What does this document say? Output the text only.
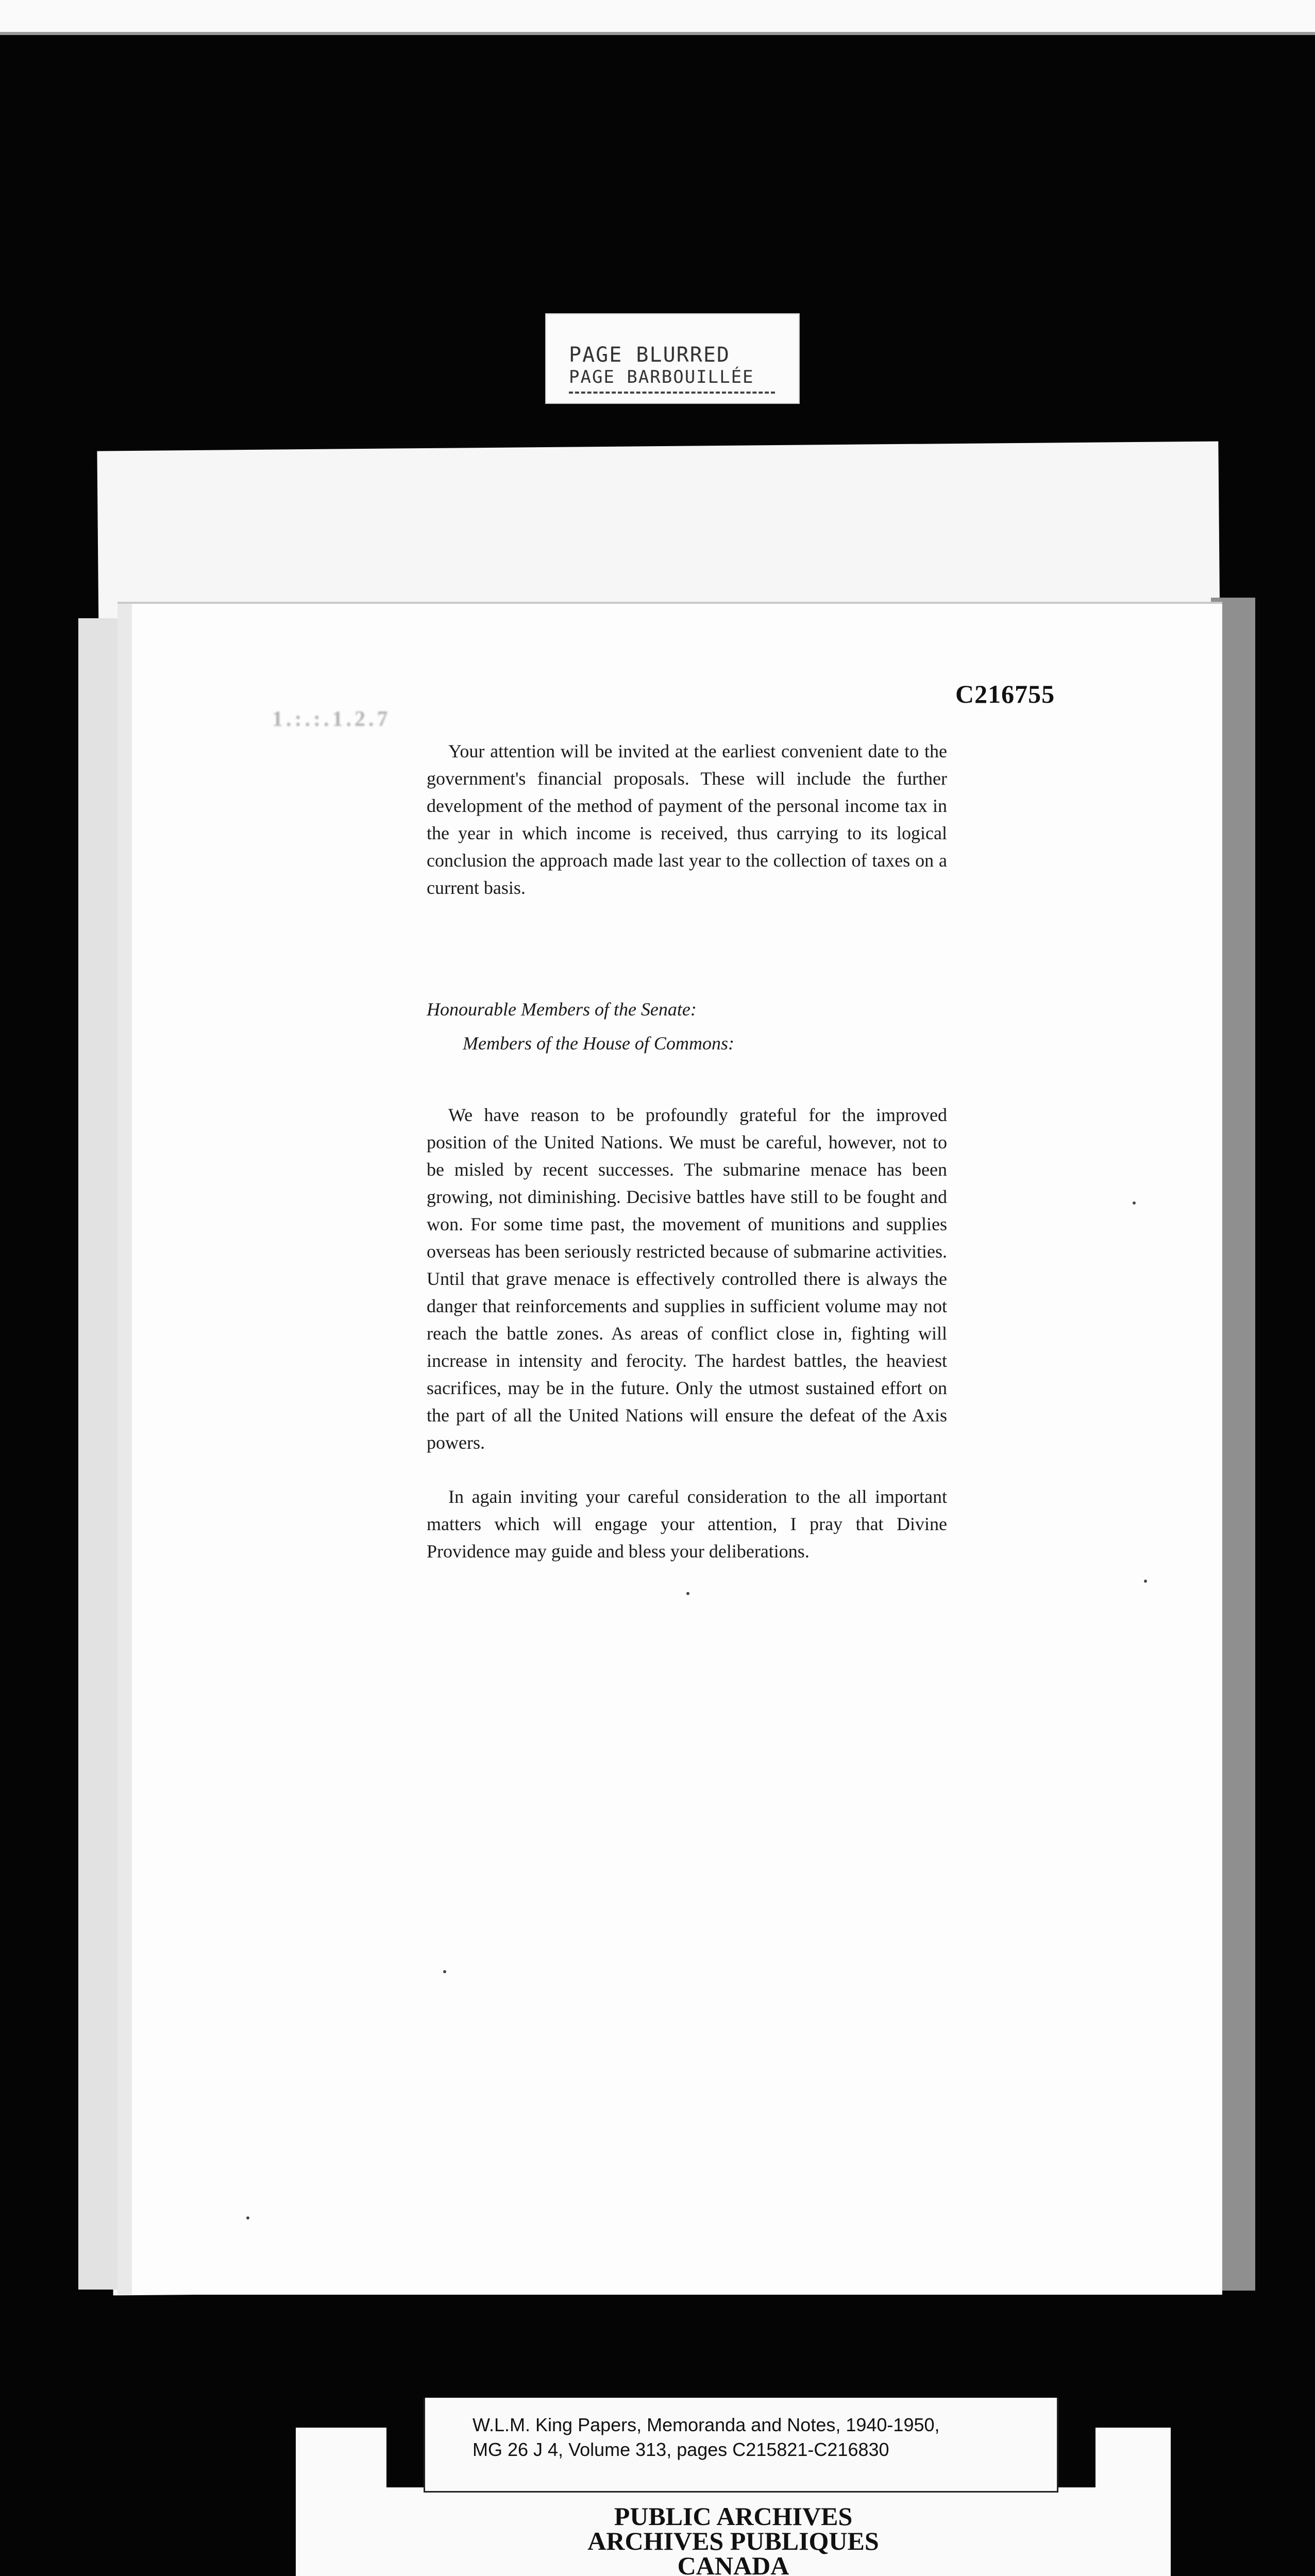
PAGE BLURRED
PAGE BARBOUILLÉE
1.:.:.1.2.7
C216755

Your attention will be invited at the earliest convenient date to the government's financial proposals. These will include the further development of the method of payment of the personal income tax in the year in which income is received, thus carrying to its logical conclusion the approach made last year to the collection of taxes on a current basis.

Honourable Members of the Senate:
Members of the House of Commons:

We have reason to be profoundly grateful for the improved position of the United Nations. We must be careful, however, not to be misled by recent successes. The submarine menace has been growing, not diminishing. Decisive battles have still to be fought and won. For some time past, the movement of munitions and supplies overseas has been seriously restricted because of submarine activities. Until that grave menace is effectively controlled there is always the danger that reinforcements and supplies in sufficient volume may not reach the battle zones. As areas of conflict close in, fighting will increase in intensity and ferocity. The hardest battles, the heaviest sacrifices, may be in the future. Only the utmost sustained effort on the part of all the United Nations will ensure the defeat of the Axis powers.

In again inviting your careful consideration to the all important matters which will engage your attention, I pray that Divine Providence may guide and bless your deliberations.

W.L.M. King Papers, Memoranda and Notes, 1940-1950,
MG 26 J 4, Volume 313, pages C215821-C216830
PUBLIC ARCHIVES
ARCHIVES PUBLIQUES
CANADA
